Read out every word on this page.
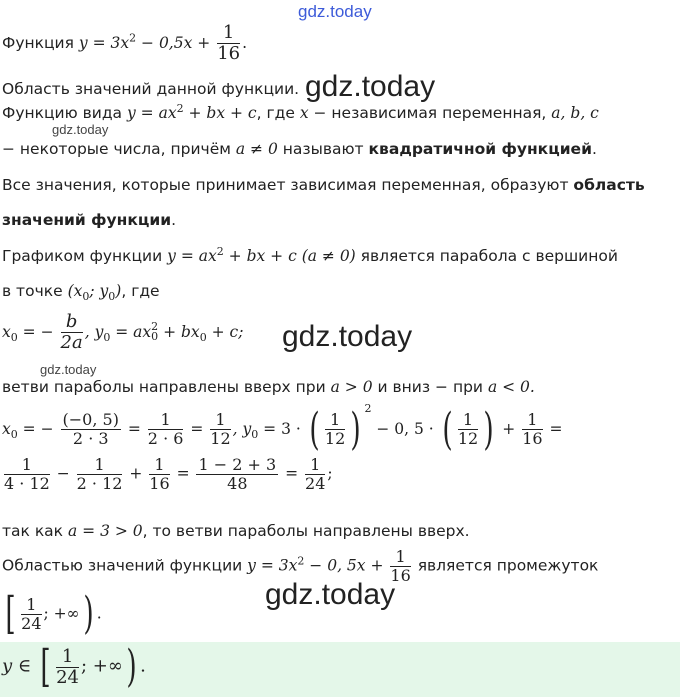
gdz.today
gdz.today
gdz.today
gdz.today
gdz.today
gdz.today
Функция $y = 3x^2 - 0,5x + \frac{1}{16}$ .
Область значений данной функции.
Функцию вида $y = ax^2$ + bx + c, где x − независимая переменная, a, b, c
− некоторые числа, причём a ≠ 0 называют квадратичной функцией.
Все значения, которые принимает зависимая переменная, образуют область
значений функции.
Графиком функции $y = ax^2$ + bx + c (a ≠ 0) является парабола с вершиной
в точке ($x_0$; $y_0$), где
$x_0$ = − $\frac{b}{2a}$ , $y_0$ = ax 2
$0 + bx_0 + c$;
ветви параболы направлены вверх при a > 0 и вниз − при a < 0.
$x_0$ = − $\frac{(-0, 5)}{2 \cdot 3} = \frac{1}{2 \cdot 6} = \frac{1}{12}$ , $y_0 = 3$ · ( $\frac{1}{12}$ ) $^2$ − 0, 5 · ( $\frac{1}{12}$ ) + $\frac{1}{16}$ =
$\frac{1}{4 \cdot 12} - \frac{1}{2 \cdot 12} + \frac{1}{16} = \frac{1 - 2 + 3}{48} = \frac{1}{24}$ ;
так как a = 3 > 0, то ветви параболы направлены вверх.
Областью значений функции $y = 3x^2 - 0$, $5x + \frac{1}{16}$ является промежуток
[ $\frac{1}{24}$ ; +∞) .
y ∈ [ $\frac{1}{24}$ ; +∞) .
